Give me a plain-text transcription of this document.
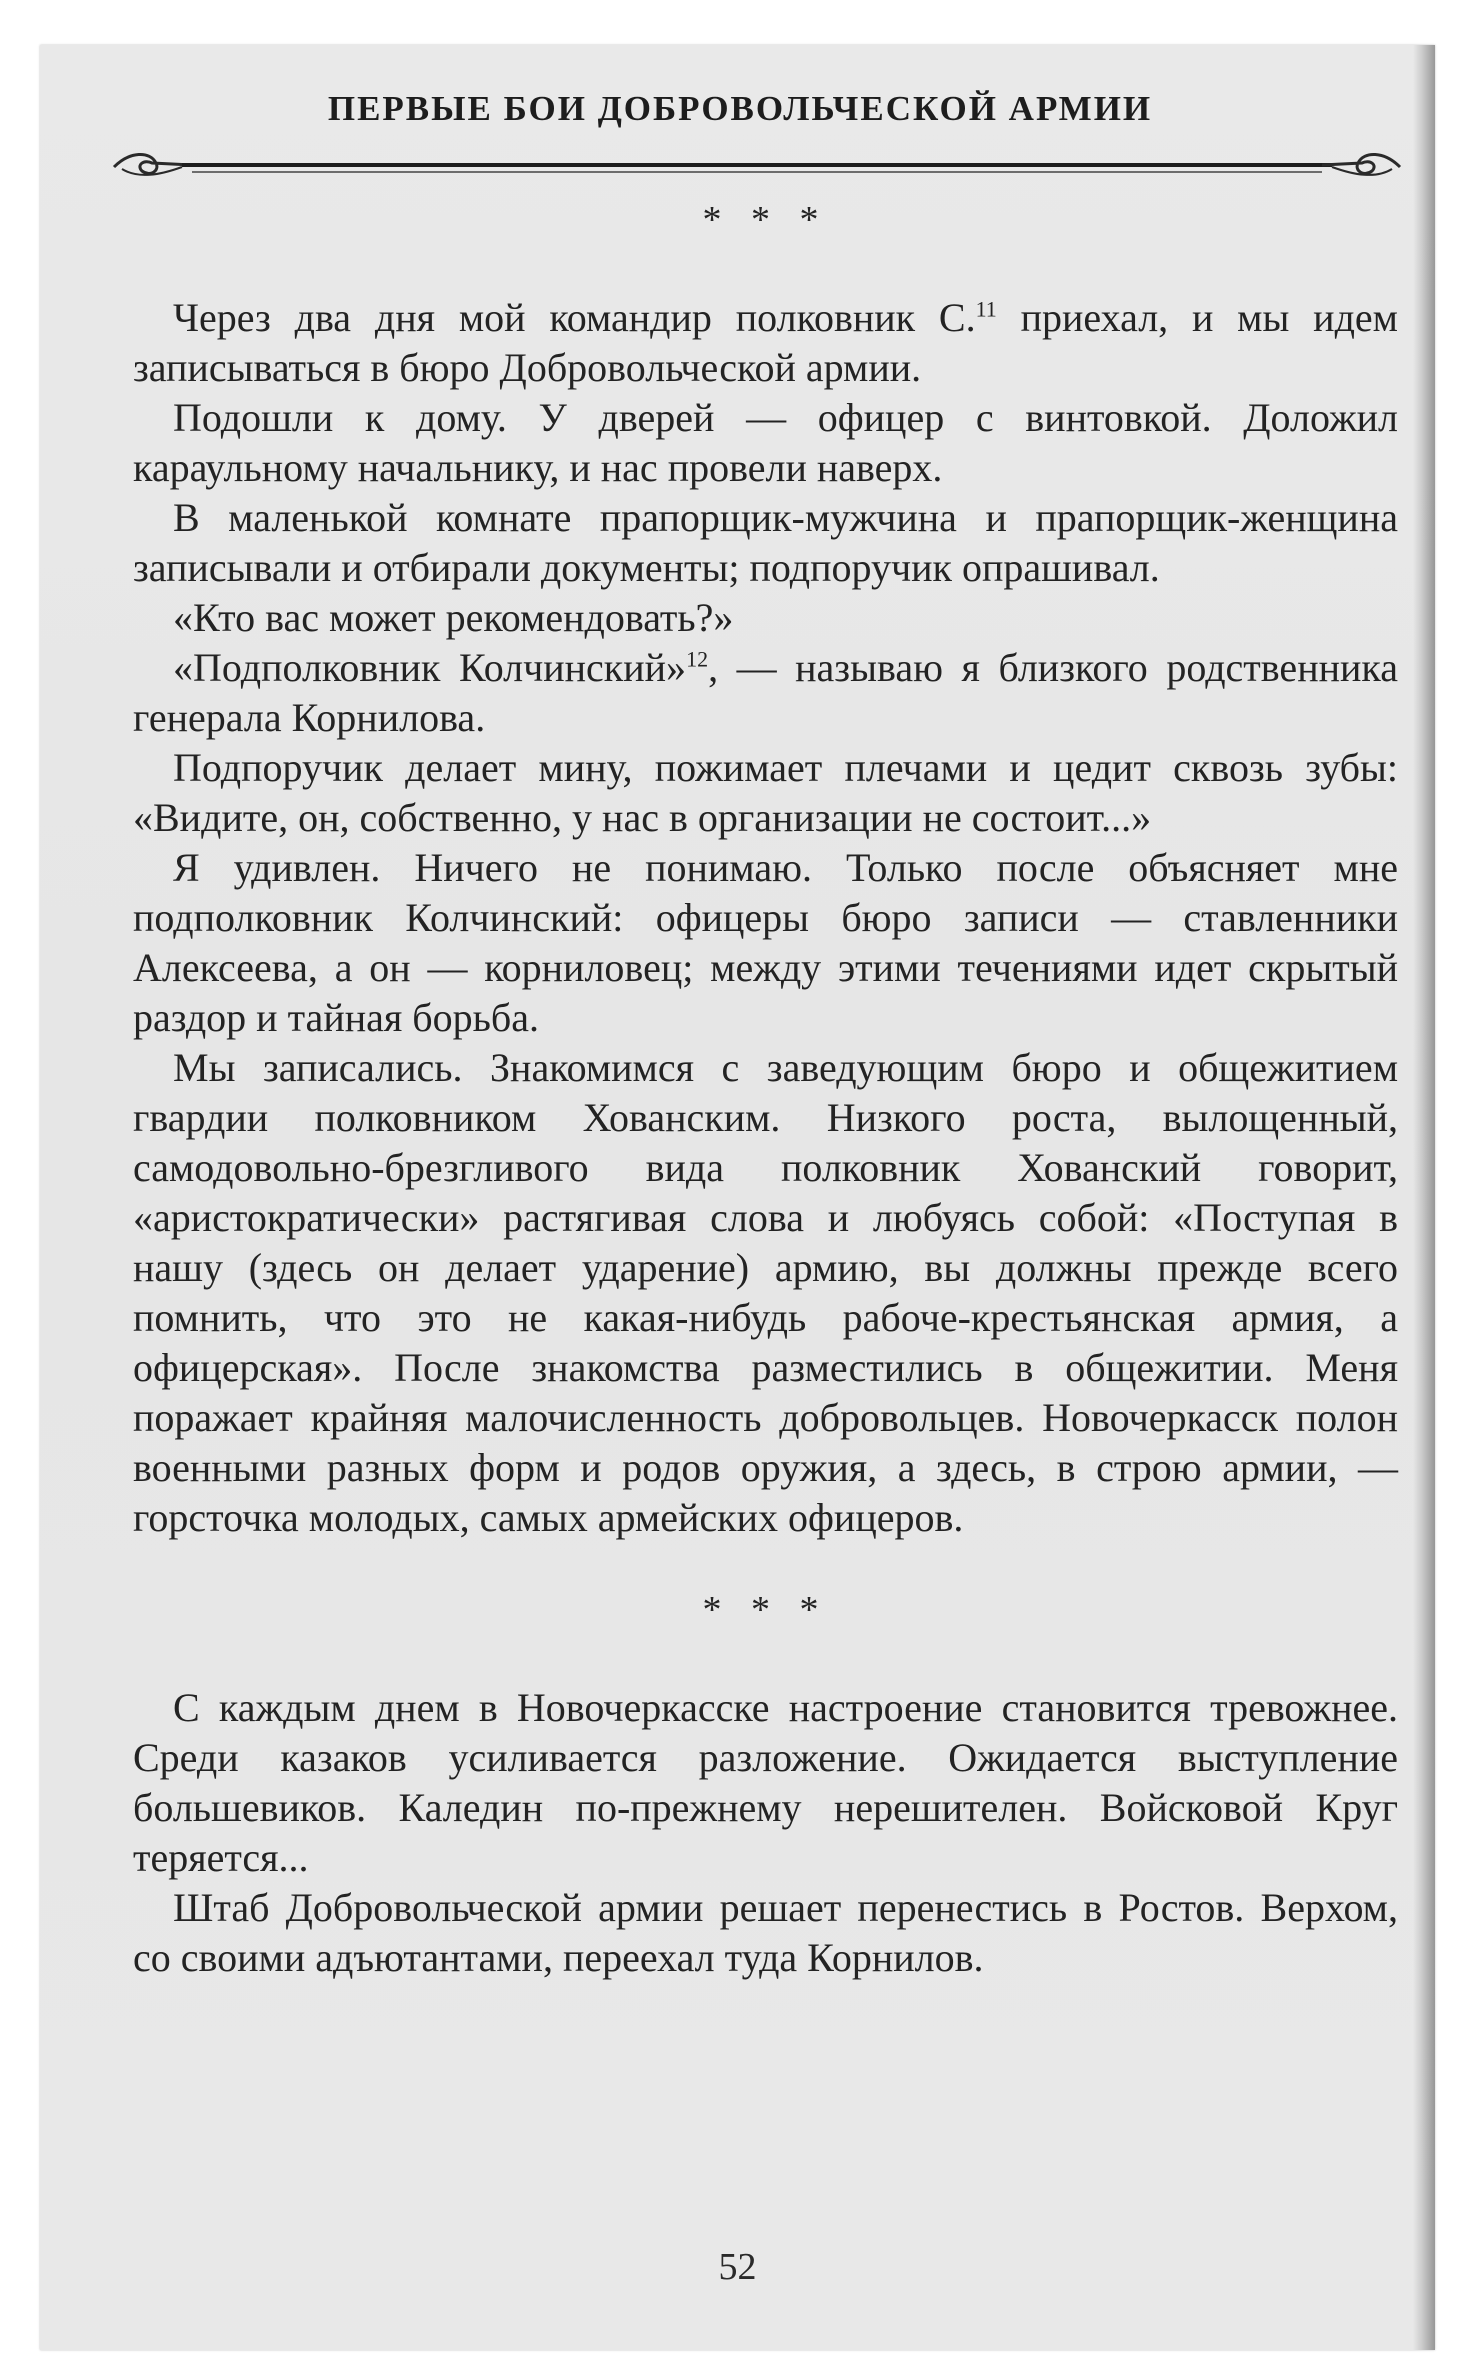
ПЕРВЫЕ БОИ ДОБРОВОЛЬЧЕСКОЙ АРМИИ
* * *

Через два дня мой командир полковник С.$^{11}$ приехал, и мы идем записываться в бюро Добровольческой армии.

Подошли к дому. У дверей — офицер с винтовкой. Доложил караульному начальнику, и нас провели наверх.

В маленькой комнате прапорщик-мужчина и прапорщик-женщина записывали и отбирали документы; подпоручик опрашивал.

«Кто вас может рекомендовать?»

«Подполковник Колчинский»$^{12}$, — называю я близкого родственника генерала Корнилова.

Подпоручик делает мину, пожимает плечами и цедит сквозь зубы: «Видите, он, собственно, у нас в организации не состоит...»

Я удивлен. Ничего не понимаю. Только после объясняет мне подполковник Колчинский: офицеры бюро записи — ставленники Алексеева, а он — корниловец; между этими течениями идет скрытый раздор и тайная борьба.

Мы записались. Знакомимся с заведующим бюро и общежитием гвардии полковником Хованским. Низкого роста, вылощенный, самодовольно-брезгливого вида полковник Хованский говорит, «аристократически» растягивая слова и любуясь собой: «Поступая в нашу (здесь он делает ударение) армию, вы должны прежде всего помнить, что это не какая-нибудь рабоче-крестьянская армия, а офицерская». После знакомства разместились в общежитии. Меня поражает крайняя малочисленность добровольцев. Новочеркасск полон военными разных форм и родов оружия, а здесь, в строю армии, — горсточка молодых, самых армейских офицеров.

* * *

С каждым днем в Новочеркасске настроение становится тревожнее. Среди казаков усиливается разложение. Ожидается выступление большевиков. Каледин по-прежнему нерешителен. Войсковой Круг теряется...

Штаб Добровольческой армии решает перенестись в Ростов. Верхом, со своими адъютантами, переехал туда Корнилов.

52
